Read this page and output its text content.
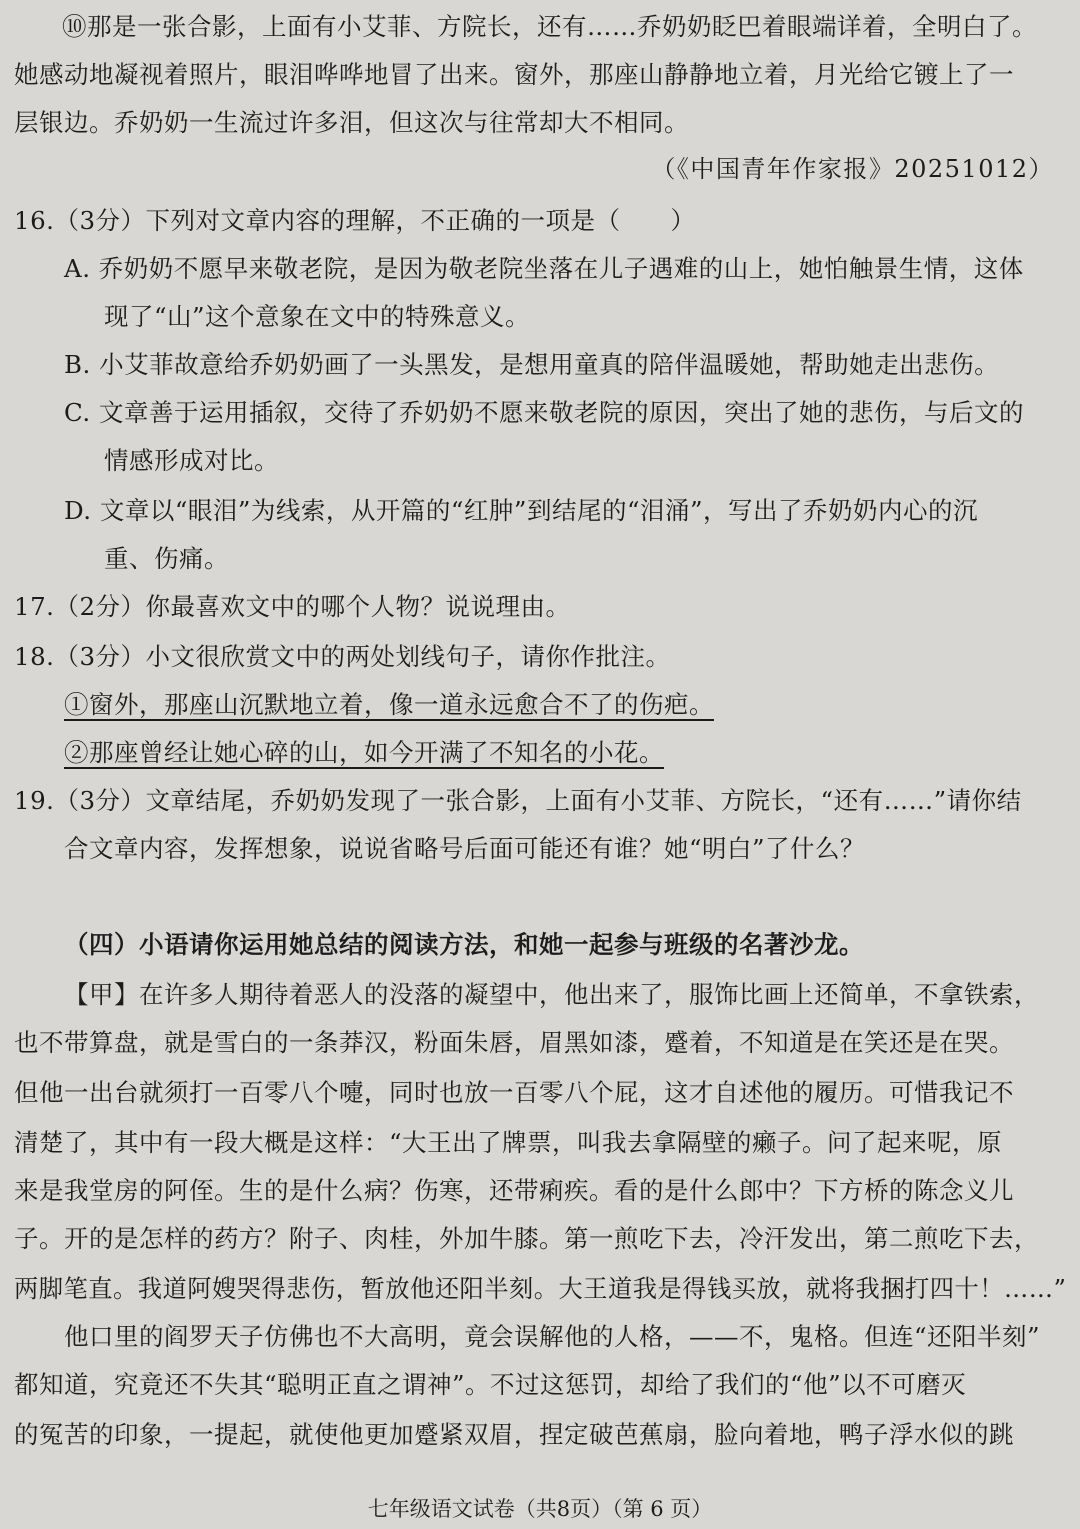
⑩那是一张合影，上面有小艾菲、方院长，还有……乔奶奶眨巴着眼端详着，全明白了。
她感动地凝视着照片，眼泪哗哗地冒了出来。窗外，那座山静静地立着，月光给它镀上了一
层银边。乔奶奶一生流过许多泪，但这次与往常却大不相同。
（《中国青年作家报》20251012）
16.（3分）下列对文章内容的理解，不正确的一项是（　　）
A. 乔奶奶不愿早来敬老院，是因为敬老院坐落在儿子遇难的山上，她怕触景生情，这体
现了“山”这个意象在文中的特殊意义。
B. 小艾菲故意给乔奶奶画了一头黑发，是想用童真的陪伴温暖她，帮助她走出悲伤。
C. 文章善于运用插叙，交待了乔奶奶不愿来敬老院的原因，突出了她的悲伤，与后文的
情感形成对比。
D. 文章以“眼泪”为线索，从开篇的“红肿”到结尾的“泪涌”，写出了乔奶奶内心的沉
重、伤痛。
17.（2分）你最喜欢文中的哪个人物？说说理由。
18.（3分）小文很欣赏文中的两处划线句子，请你作批注。
①窗外，那座山沉默地立着，像一道永远愈合不了的伤疤。
②那座曾经让她心碎的山，如今开满了不知名的小花。
19.（3分）文章结尾，乔奶奶发现了一张合影，上面有小艾菲、方院长，“还有……”请你结
合文章内容，发挥想象，说说省略号后面可能还有谁？她“明白”了什么？
（四）小语请你运用她总结的阅读方法，和她一起参与班级的名著沙龙。
【甲】在许多人期待着恶人的没落的凝望中，他出来了，服饰比画上还简单，不拿铁索，
也不带算盘，就是雪白的一条莽汉，粉面朱唇，眉黑如漆，蹙着，不知道是在笑还是在哭。
但他一出台就须打一百零八个嚏，同时也放一百零八个屁，这才自述他的履历。可惜我记不
清楚了，其中有一段大概是这样：“大王出了牌票，叫我去拿隔壁的癞子。问了起来呢，原
来是我堂房的阿侄。生的是什么病？伤寒，还带痢疾。看的是什么郎中？下方桥的陈念义儿
子。开的是怎样的药方？附子、肉桂，外加牛膝。第一煎吃下去，冷汗发出，第二煎吃下去，
两脚笔直。我道阿嫂哭得悲伤，暂放他还阳半刻。大王道我是得钱买放，就将我捆打四十！……”
他口里的阎罗天子仿佛也不大高明，竟会误解他的人格，——不，鬼格。但连“还阳半刻”
都知道，究竟还不失其“聪明正直之谓神”。不过这惩罚，却给了我们的“他”以不可磨灭
的冤苦的印象，一提起，就使他更加蹙紧双眉，捏定破芭蕉扇，脸向着地，鸭子浮水似的跳
七年级语文试卷（共8页）（第 6 页）
